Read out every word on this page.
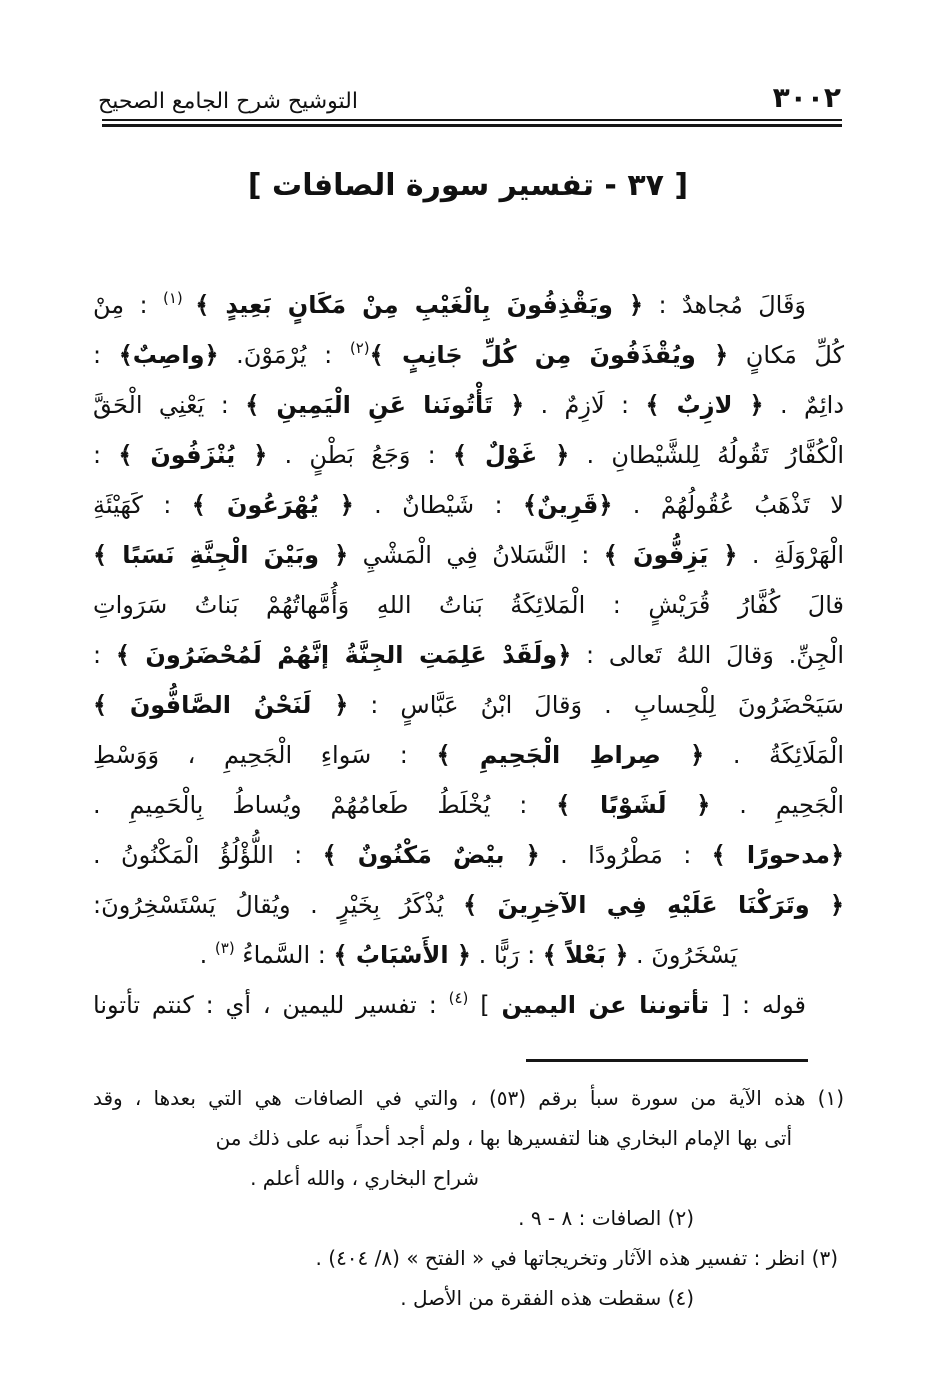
٣٠٠٢
التوشيح شرح الجامع الصحيح
[ ٣٧ - تفسير سورة الصافات ]
وَقَالَ مُجاهدٌ : ﴿ ويَقْذِفُونَ بِالْغَيْبِ مِنْ مَكَانٍ بَعِيدٍ ﴾ $^{(١)}$ : مِنْ
كُلِّ مَكانٍ ﴿ ويُقْذَفُونَ مِن كُلِّ جَانِبٍ ﴾$^{(٢)}$ : يُرْمَوْنَ. ﴿واصِبٌ﴾ :
دائِمٌ . ﴿ لازِبٌ ﴾ : لَازِمٌ . ﴿ تَأْتُونَنا عَنِ الْيَمِينِ ﴾ : يَعْنِي الْحَقَّ
الْكُفَّارُ تَقُولُهُ لِلشَّيْطانِ . ﴿ غَوْلٌ ﴾ : وَجَعُ بَطْنٍ . ﴿ يُنْزَفُونَ ﴾ :
لا تَذْهَبُ عُقُولُهُمْ . ﴿قَرِينٌ﴾ : شَيْطانٌ . ﴿ يُهْرَعُونَ ﴾ : كَهَيْئَةِ
الْهَرْوَلَةِ . ﴿ يَزِفُّونَ ﴾ : النَّسَلانُ فِي الْمَشْيِ ﴿ وبَيْنَ الْجِنَّةِ نَسَبًا ﴾
قالَ كُفَّارُ قُرَيْشٍ : الْمَلائِكَةُ بَناتُ اللهِ وَأُمَّهاتُهُمْ بَناتُ سَرَواتِ
الْجِنِّ. وَقالَ اللهُ تَعالى : ﴿ولَقَدْ عَلِمَتِ الجِنَّةُ إنَّهُمْ لَمُحْضَرُونَ ﴾ :
سَيَحْضَرُونَ لِلْحِسابِ . وَقالَ ابْنُ عَبَّاسٍ : ﴿ لَنَحْنُ الصَّافُّونَ ﴾
الْمَلَائِكَةُ . ﴿ صِراطِ الْجَحِيمِ ﴾ : سَواءِ الْجَحِيمِ ، وَوَسْطِ
الْجَحِيمِ . ﴿ لَشَوْبًا ﴾ : يُخْلَطُ طَعامُهُمْ ويُساطُ بِالْحَمِيمِ .
﴿مدحورًا ﴾ : مَطْرُودًا . ﴿ بيْضٌ مَكْنُونٌ ﴾ : اللُّؤْلُؤُ الْمَكْنُونُ .
﴿ وتَرَكْنَا عَلَيْهِ فِي الآخِرِينَ ﴾ يُذْكَرُ بِخَيْرٍ . ويُقالُ يَسْتَسْخِرُونَ:
يَسْخَرُونَ . ﴿ بَعْلاً ﴾ : رَبًّا . ﴿ الأَسْبَابُ ﴾ : السَّماءُ $^{(٣)}$ .
قوله : [ تأتوننا عن اليمين ] $^{(٤)}$ : تفسير لليمين ، أي : كنتم تأتونا
(١) هذه الآية من سورة سبأ برقم (٥٣) ، والتي في الصافات هي التي بعدها ، وقد
أتى بها الإمام البخاري هنا لتفسيرها بها ، ولم أجد أحداً نبه على ذلك من
شراح البخاري ، والله أعلم .
(٢) الصافات : ٨ - ٩ .
(٣) انظر : تفسير هذه الآثار وتخريجاتها في « الفتح » (٨/ ٤٠٤) .
(٤) سقطت هذه الفقرة من الأصل .
